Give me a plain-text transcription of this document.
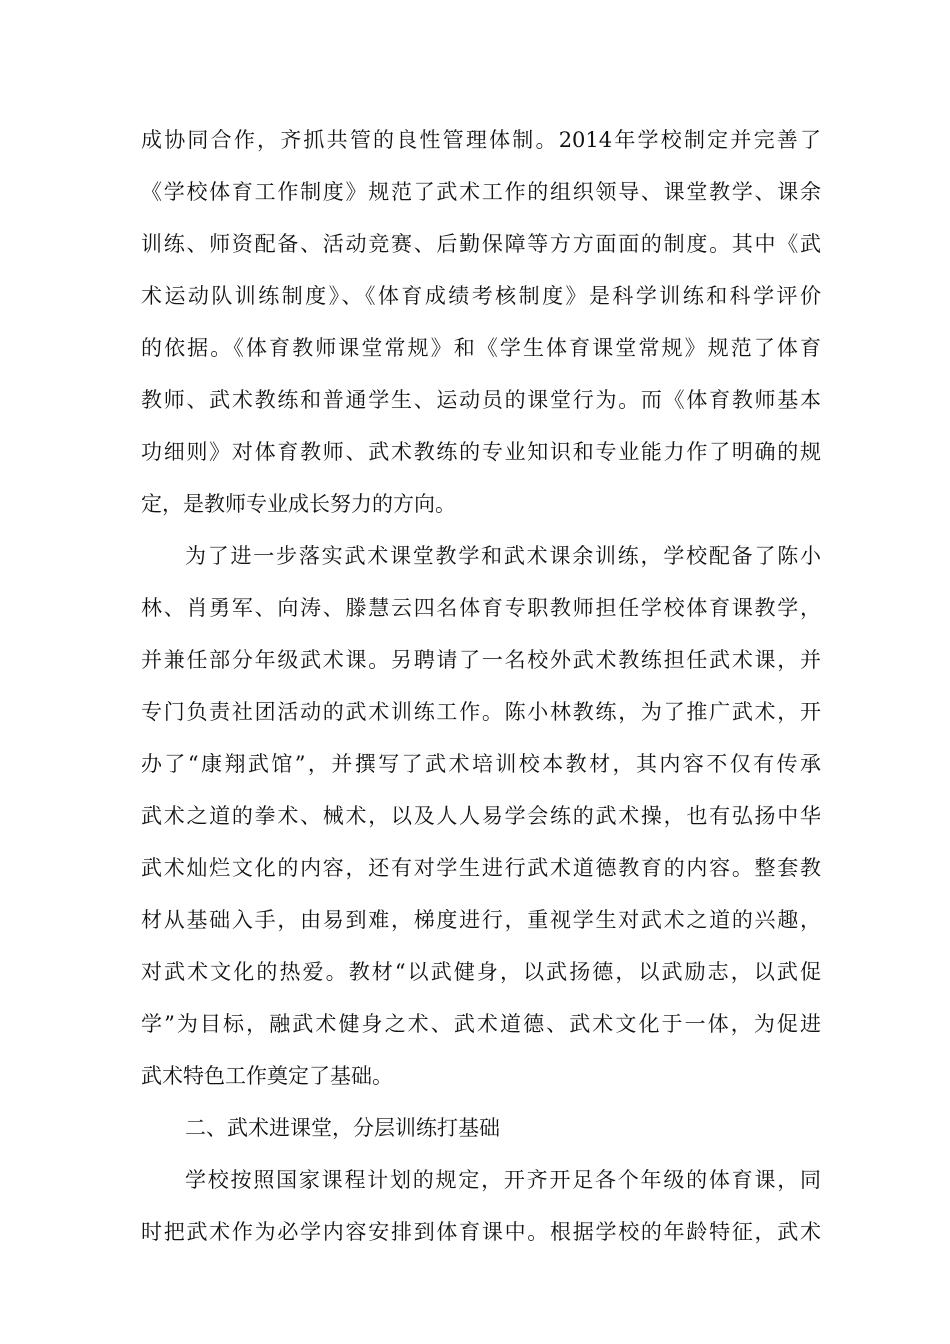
成协同合作，齐抓共管的良性管理体制。2014年学校制定并完善了
《学校体育工作制度》规范了武术工作的组织领导、课堂教学、课余
训练、师资配备、活动竞赛、后勤保障等方方面面的制度。其中《武
术运动队训练制度》、《体育成绩考核制度》是科学训练和科学评价
的依据。《体育教师课堂常规》和《学生体育课堂常规》规范了体育
教师、武术教练和普通学生、运动员的课堂行为。而《体育教师基本
功细则》对体育教师、武术教练的专业知识和专业能力作了明确的规
定，是教师专业成长努力的方向。
为了进一步落实武术课堂教学和武术课余训练，学校配备了陈小
林、肖勇军、向涛、滕慧云四名体育专职教师担任学校体育课教学，
并兼任部分年级武术课。另聘请了一名校外武术教练担任武术课，并
专门负责社团活动的武术训练工作。陈小林教练，为了推广武术，开
办了“康翔武馆”，并撰写了武术培训校本教材，其内容不仅有传承
武术之道的拳术、械术，以及人人易学会练的武术操，也有弘扬中华
武术灿烂文化的内容，还有对学生进行武术道德教育的内容。整套教
材从基础入手，由易到难，梯度进行，重视学生对武术之道的兴趣，
对武术文化的热爱。教材“以武健身，以武扬德，以武励志，以武促
学”为目标，融武术健身之术、武术道德、武术文化于一体，为促进
武术特色工作奠定了基础。
二、武术进课堂，分层训练打基础
学校按照国家课程计划的规定，开齐开足各个年级的体育课，同
时把武术作为必学内容安排到体育课中。根据学校的年龄特征，武术
